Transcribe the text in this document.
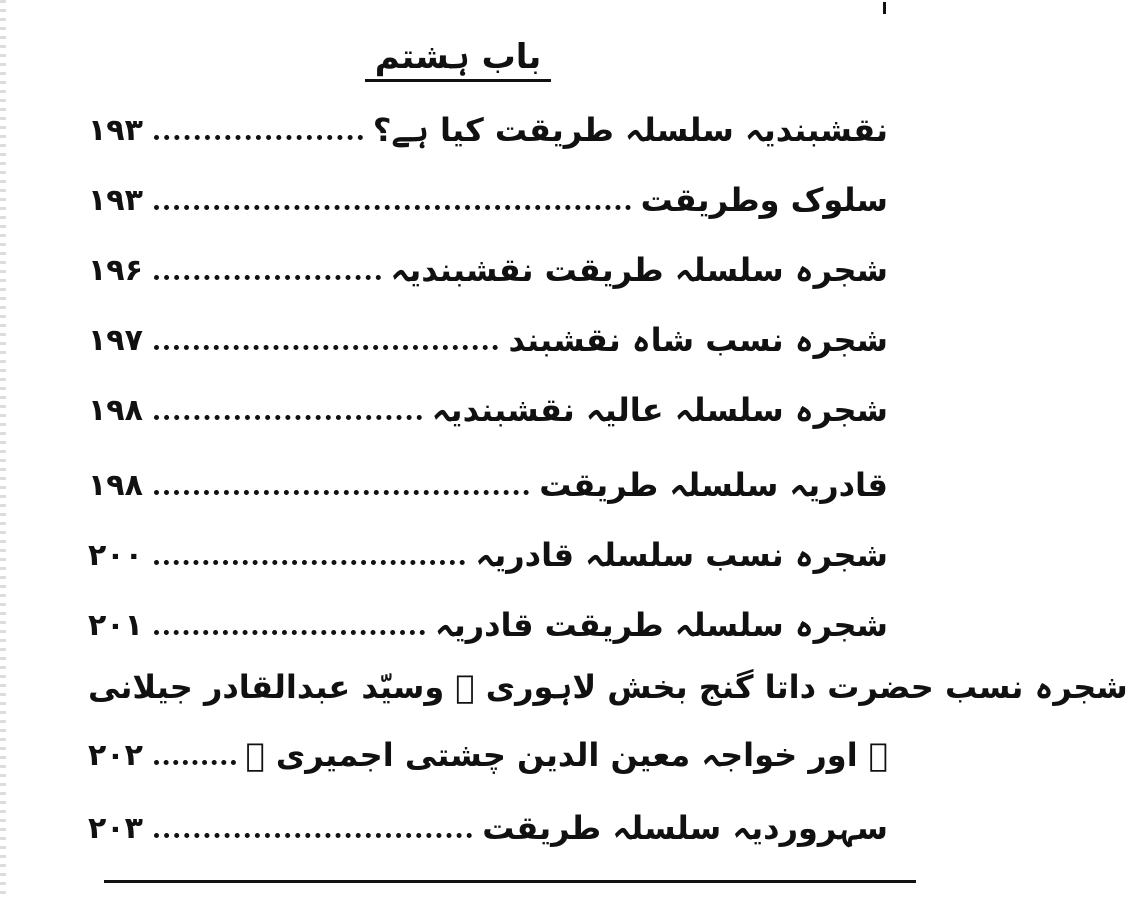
باب ہشتم
۱۹۳	نقشبندیہ سلسلہ طریقت کیا ہے؟
۱۹۳	سلوک وطریقت
۱۹۶	شجرہ سلسلہ طریقت نقشبندیہ
۱۹۷	شجرہ نسب شاہ نقشبند
۱۹۸	شجرہ سلسلہ عالیہ نقشبندیہ
۱۹۸	قادریہ سلسلہ طریقت
۲۰۰	شجرہ نسب سلسلہ قادریہ
۲۰۱	شجرہ سلسلہ طریقت قادریہ
شجرہ نسب حضرت داتا گنج بخش لاہوری ﷫ وسیّد عبدالقادر جیلانی
۲۰۲	﷫ اور خواجہ معین الدین چشتی اجمیری ﷫
۲۰۳	سہروردیہ سلسلہ طریقت
